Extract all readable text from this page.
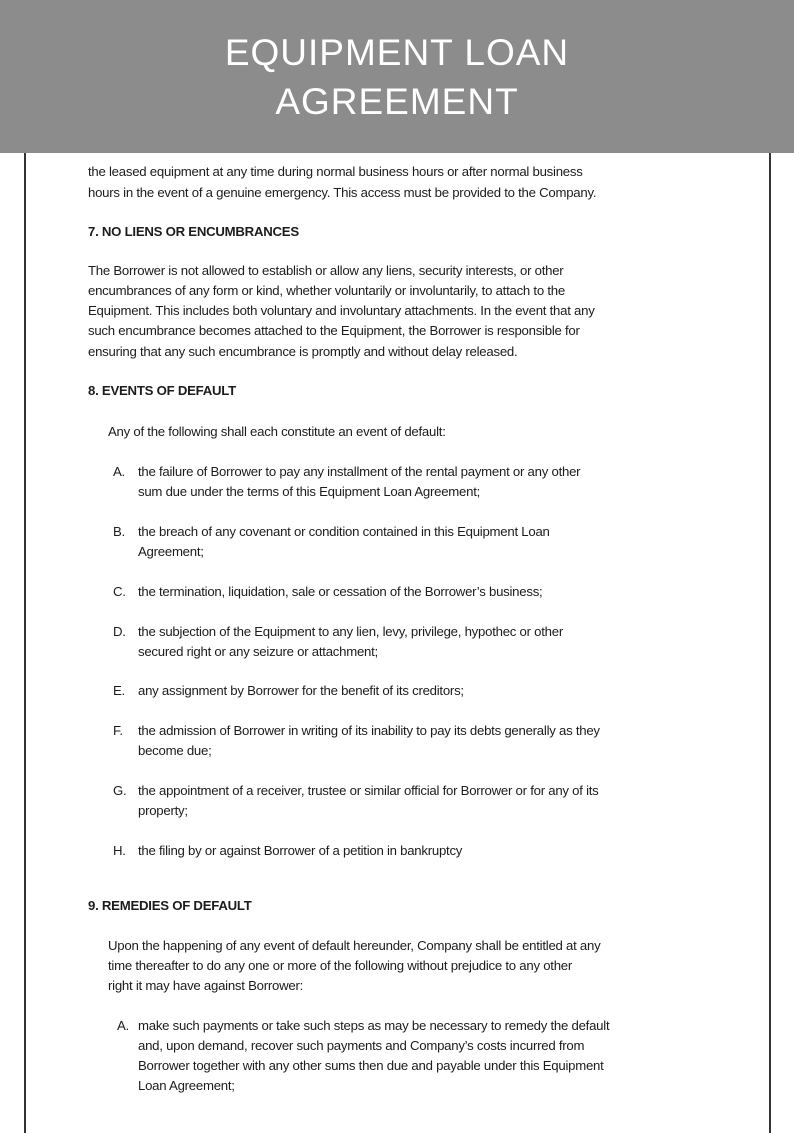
EQUIPMENT LOAN
AGREEMENT
the leased equipment at any time during normal business hours or after normal business
hours in the event of a genuine emergency. This access must be provided to the Company.
7. NO LIENS OR ENCUMBRANCES
The Borrower is not allowed to establish or allow any liens, security interests, or other
encumbrances of any form or kind, whether voluntarily or involuntarily, to attach to the
Equipment. This includes both voluntary and involuntary attachments. In the event that any
such encumbrance becomes attached to the Equipment, the Borrower is responsible for
ensuring that any such encumbrance is promptly and without delay released.
8. EVENTS OF DEFAULT
Any of the following shall each constitute an event of default:
A. the failure of Borrower to pay any installment of the rental payment or any other
sum due under the terms of this Equipment Loan Agreement;
B. the breach of any covenant or condition contained in this Equipment Loan
Agreement;
C. the termination, liquidation, sale or cessation of the Borrower’s business;
D. the subjection of the Equipment to any lien, levy, privilege, hypothec or other
secured right or any seizure or attachment;
E. any assignment by Borrower for the benefit of its creditors;
F. the admission of Borrower in writing of its inability to pay its debts generally as they
become due;
G. the appointment of a receiver, trustee or similar official for Borrower or for any of its
property;
H. the filing by or against Borrower of a petition in bankruptcy
9. REMEDIES OF DEFAULT
Upon the happening of any event of default hereunder, Company shall be entitled at any
time thereafter to do any one or more of the following without prejudice to any other
right it may have against Borrower:
A. make such payments or take such steps as may be necessary to remedy the default
and, upon demand, recover such payments and Company’s costs incurred from
Borrower together with any other sums then due and payable under this Equipment
Loan Agreement;
